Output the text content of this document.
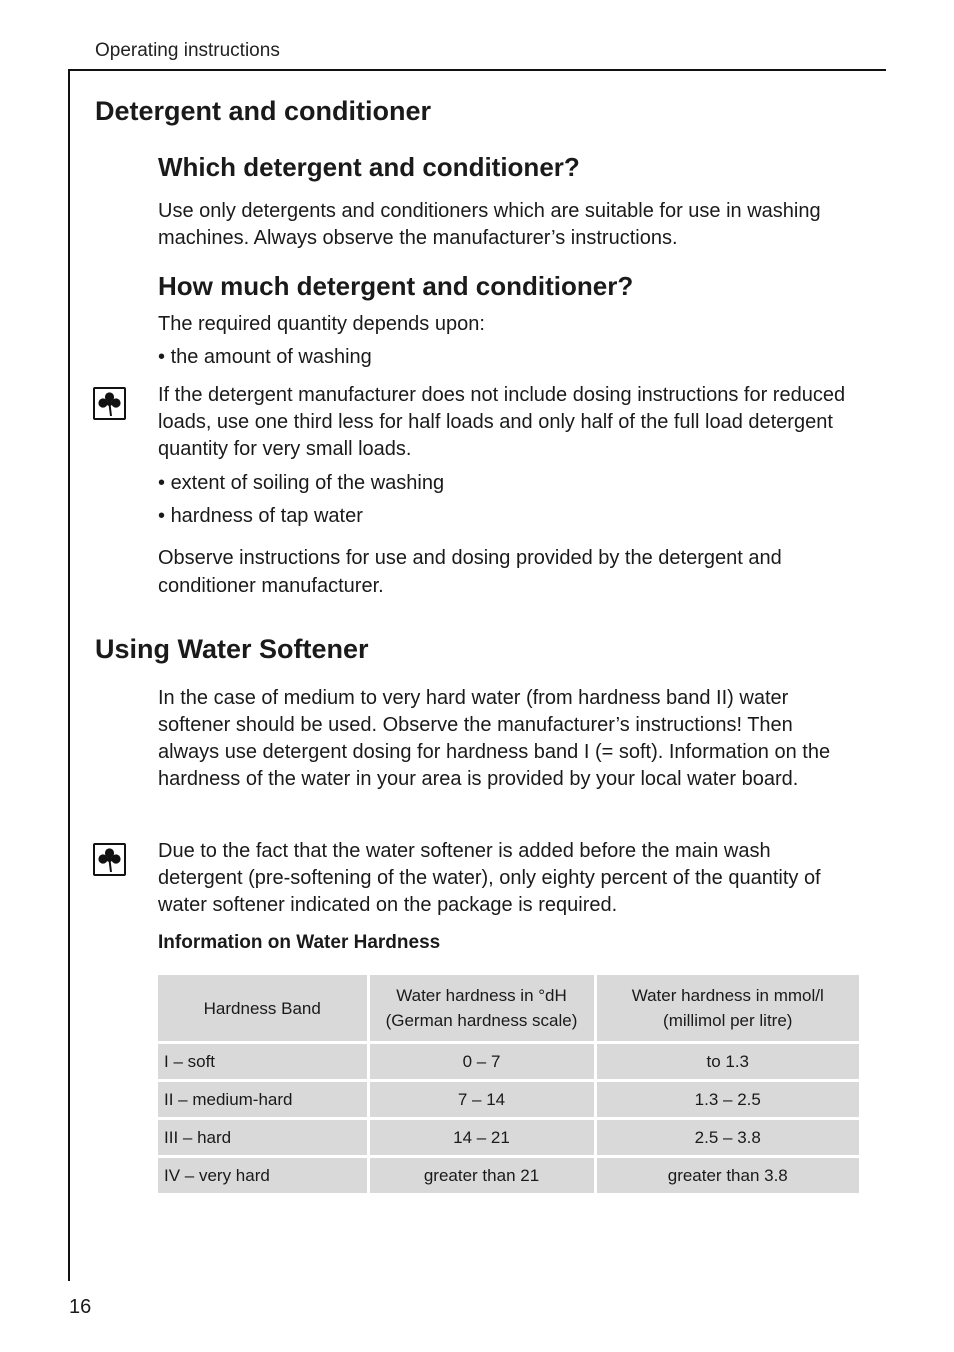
Operating instructions
Detergent and conditioner
Which detergent and conditioner?

Use only detergents and conditioners which are suitable for use in washing machines. Always observe the manufacturer’s instructions.

How much detergent and conditioner?

The required quantity depends upon:

• the amount of washing

If the detergent manufacturer does not include dosing instructions for reduced loads, use one third less for half loads and only half of the full load detergent quantity for very small loads.

• extent of soiling of the washing
• hardness of tap water

Observe instructions for use and dosing provided by the detergent and conditioner manufacturer.

Using Water Softener

In the case of medium to very hard water (from hardness band II) water softener should be used. Observe the manufacturer’s instructions! Then always use detergent dosing for hardness band I (= soft). Information on the hardness of the water in your area is provided by your local water board.

Due to the fact that the water softener is added before the main wash detergent (pre-softening of the water), only eighty percent of the quantity of water softener indicated on the package is required.

Information on Water Hardness
Hardness Band	Water hardness in °dH (German hardness scale)	Water hardness in mmol/l (millimol per litre)
I – soft	0 – 7	to 1.3
II – medium-hard	7 – 14	1.3 – 2.5
III – hard	14 – 21	2.5 – 3.8
IV – very hard	greater than 21	greater than 3.8
16
